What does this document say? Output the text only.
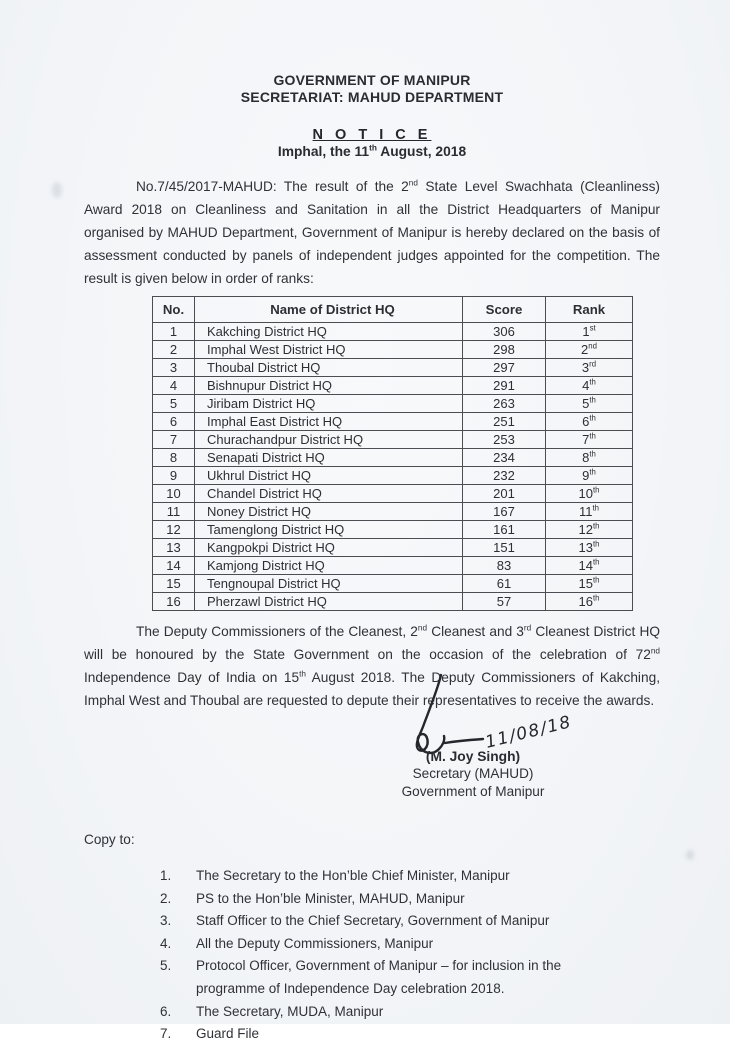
GOVERNMENT OF MANIPUR
SECRETARIAT: MAHUD DEPARTMENT
N O T I C E
Imphal, the 11th August, 2018

No.7/45/2017-MAHUD: The result of the 2nd State Level Swachhata (Cleanliness) Award 2018 on Cleanliness and Sanitation in all the District Headquarters of Manipur organised by MAHUD Department, Government of Manipur is hereby declared on the basis of assessment conducted by panels of independent judges appointed for the competition. The result is given below in order of ranks:

No.	Name of District HQ	Score	Rank
1	Kakching District HQ	306	1st
2	Imphal West District HQ	298	2nd
3	Thoubal District HQ	297	3rd
4	Bishnupur District HQ	291	4th
5	Jiribam District HQ	263	5th
6	Imphal East District HQ	251	6th
7	Churachandpur District HQ	253	7th
8	Senapati District HQ	234	8th
9	Ukhrul District HQ	232	9th
10	Chandel District HQ	201	10th
11	Noney District HQ	167	11th
12	Tamenglong District HQ	161	12th
13	Kangpokpi District HQ	151	13th
14	Kamjong District HQ	83	14th
15	Tengnoupal District HQ	61	15th
16	Pherzawl District HQ	57	16th

The Deputy Commissioners of the Cleanest, 2nd Cleanest and 3rd Cleanest District HQ will be honoured by the State Government on the occasion of the celebration of 72nd Independence Day of India on 15th August 2018. The Deputy Commissioners of Kakching, Imphal West and Thoubal are requested to depute their representatives to receive the awards.

11/08/18
(M. Joy Singh)
Secretary (MAHUD)
Government of Manipur
Copy to:
1.	The Secretary to the Hon’ble Chief Minister, Manipur
2.	PS to the Hon’ble Minister, MAHUD, Manipur
3.	Staff Officer to the Chief Secretary, Government of Manipur
4.	All the Deputy Commissioners, Manipur
5.	Protocol Officer, Government of Manipur – for inclusion in the programme of Independence Day celebration 2018.
6.	The Secretary, MUDA, Manipur
7.	Guard File
